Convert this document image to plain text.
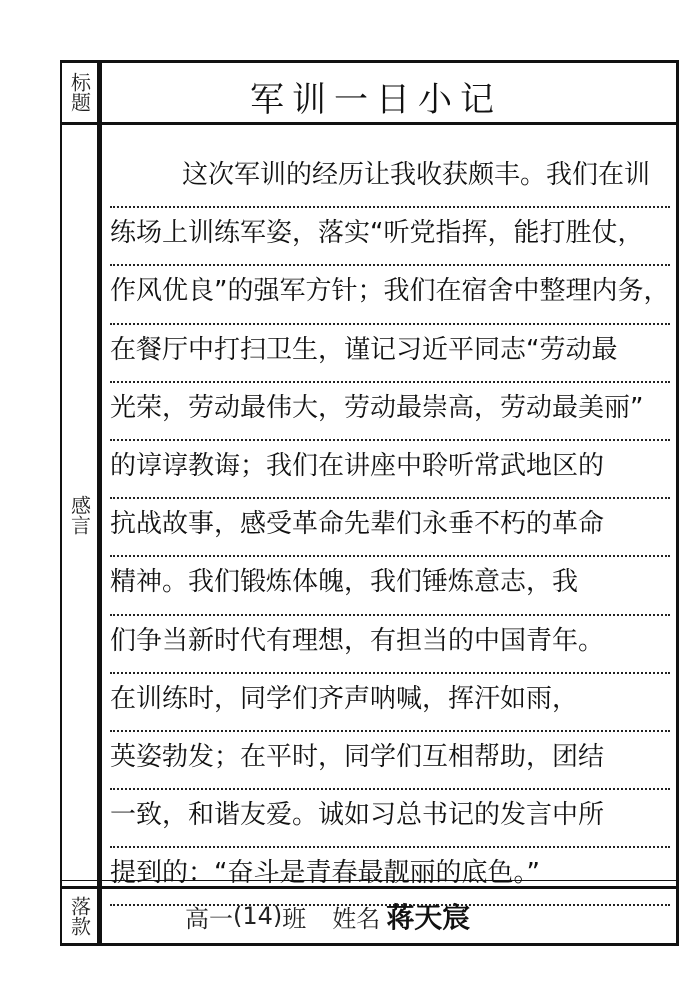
标题
感言
落款
军训一日小记
这次军训的经历让我收获颇丰。我们在训
练场上训练军姿，落实“听党指挥，能打胜仗，
作风优良”的强军方针；我们在宿舍中整理内务，
在餐厅中打扫卫生，谨记习近平同志“劳动最
光荣，劳动最伟大，劳动最崇高，劳动最美丽”
的谆谆教诲；我们在讲座中聆听常武地区的
抗战故事，感受革命先辈们永垂不朽的革命
精神。我们锻炼体魄，我们锤炼意志，我
们争当新时代有理想，有担当的中国青年。
在训练时，同学们齐声呐喊，挥汗如雨，
英姿勃发；在平时，同学们互相帮助，团结
一致，和谐友爱。诚如习总书记的发言中所
提到的：“奋斗是青春最靓丽的底色。”
高一 (14) 班 姓名 蒋天宸
